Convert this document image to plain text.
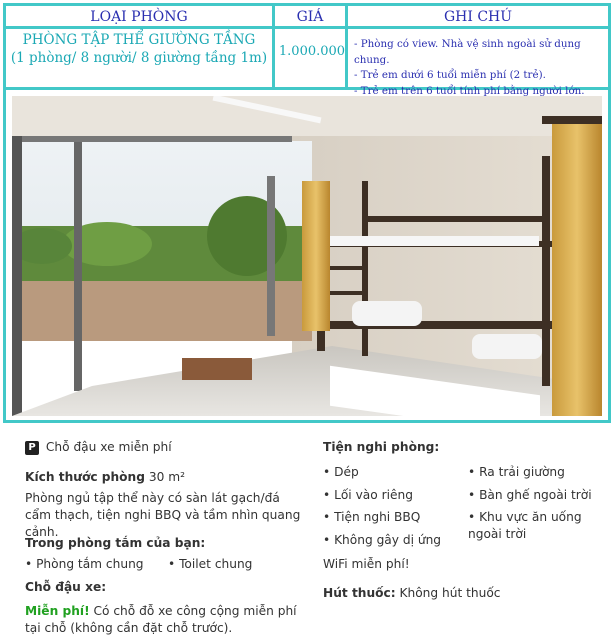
LOẠI PHÒNG	GIÁ	GHI CHÚ
PHÒNG TẬP THỂ GIƯỜNG TẦNG
(1 phòng/ 8 người/ 8 giường tầng 1m) 1.000.000 - Phòng có view. Nhà vệ sinh ngoài sử dụng chung.
- Trẻ em dưới 6 tuổi miễn phí (2 trẻ).
- Trẻ em trên 6 tuổi tính phí bằng người lớn.
P Chỗ đậu xe miễn phí
Kích thước phòng 30 m²
Phòng ngủ tập thể này có sàn lát gạch/đá cẩm thạch, tiện nghi BBQ và tầm nhìn quang cảnh.
Trong phòng tắm của bạn:
• Phòng tắm chung • Toilet chung
Chỗ đậu xe:
Miễn phí! Có chỗ đỗ xe công cộng miễn phí tại chỗ (không cần đặt chỗ trước).
Tiện nghi phòng:
• Dép
• Lối vào riêng
• Tiện nghi BBQ
• Không gây dị ứng
• Ra trải giường
• Bàn ghế ngoài trời
• Khu vực ăn uống ngoài trời
WiFi miễn phí!
Hút thuốc: Không hút thuốc
